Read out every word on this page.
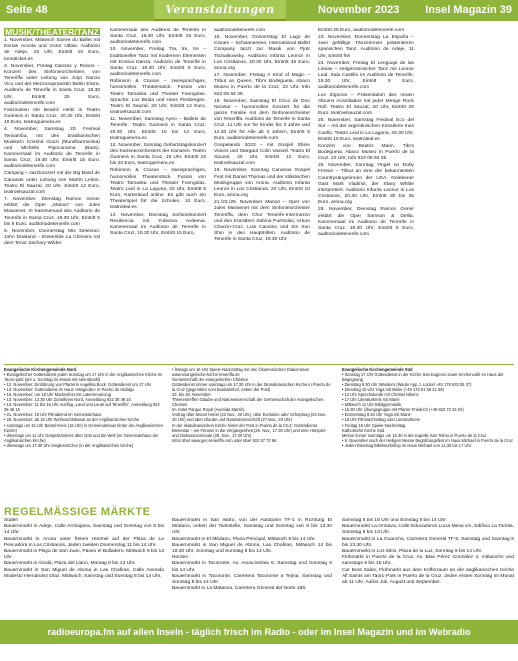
Seite 48	Veranstaltungen	November 2023 Insel Magazin 39
MUSIK/THEATER/TANZ
1. November, Mittwoch Soiree du Ballet mit Dorian Acosta und Victor Ullate. Auditorio de Adeje, 19 Uhr, Eintritt 10 Euro, tomaticket.es
3. November, Freitag Danzas y Reisos – Konzert des Sinfonieorchesters von Teneriffa unter Leitung von Jurjo Garcia Vico und der Mezzosopranistin Belén Elvira. Auditorio de Tenerife in Santa Cruz, 19.30 Uhr, Eintritt 25 Euro, auditoriodetenerife.com
Faszination mit Beatriz Heitz in Teatro Guimerá in Santa Cruz, 20.30 Uhr, Eintritt 19 Euro, teatroguimera.es
4. November, Samstag 20. Festival Tensamba, mit den brasilianischen Musikern Cristiná Gozzi (Mundharmonika) und Michelle Pipocanama (Bass). Kammersaal im Auditorio de Tenerife in Santa Cruz, 19.30 Uhr, Eintritt 15 Euro, auditoriodetenerife.com
Camping – Jazzkonzert mit der Big Band de Canarias unter Leitung von Martín Leiton. Teatro El Sauzal, 20 Uhr. Eintritt 12 Euro, teatroelsauzal.com
7. November, Dienstag Ramon Gener erklärt die Oper „Manon“ von Jules Massenet. In Kammersaal des Auditorio de Tenerife in Santa Cruz, 19.30 Uhr, Eintritt 5 bis 8 Euro, auditoriodetenerife.com
9. November, Donnerstag Mis Detectos: John Dowland – Ensemble La Chimera mit dem Tenor Zachary Wilder.
Kammersaal des Auditorio de Tenerife in Santa Cruz, 19.30 Uhr, Eintritt 15 Euro, auditoriodetenerife.com
10. November, Freitag Tra, tre, tre – traditioneller Tanz mit modernen Elementen mit Erotica Danza. Auditorio de Tenerife in Santa Cruz, 19.30 Uhr, Eintritt 8 Euro, auditoriodetenerife.com
Robinson & Crusoe – zweisprachiges, humorvolles Theaterstück. Fusion von Teatro Tamaska und Theater Fuengolas. Sprache: Los Beida und Hans Piesbergen. Teatro El Sauzal, 20 Uhr, Eintritt 12 Euro, teatroelsauzal.com
11. November, Samstag Ayeo – Ballets de Tenerife. Teatro Guimerá in Santa Cruz, 20.30 Uhr, Eintritt 10 bis 14 Euro, teatroguimera.es
12. November, Sonntag Geburtstagskonzert des Kammerorchesters der Kanaren. Teatro Guimerá in Santa Cruz, 19 Uhr, Eintritt 16 bis 20 Euro, teatroguimera.es
Robinson & Crusoe – zweisprachiges, humorvolles Theaterstück. Fusion von Teatro Tamaska und Theater Fuengolas. Teatro Leal in La Laguna, 20 Uhr, Eintritt 8 Euro, Kartenkauf online. Es gibt auch ein Theaterspiel für die Schulen, 10 Euro, teatroleal.es
14. November, Dienstag Sinfoniekonzert Resiliencia mit Yulianna Avdeeva. Kammersaal im Auditorio de Tenerife in Santa Cruz, 19.30 Uhr, Eintritt 15 Euro,
auditoriodetenerife.com
16. November, Donnerstag El Lago de Cisnes – Schwanensee, international Ballet Company tanzt zur Musik von Pjotr Tschaikowsky. Auditorio Infanta Leonor in Los Cristianos, 20.30 Uhr, Eintritt 45 Euro, arona.org
17. November, Freitag A Kind of Magic – Tribut an Queen. Tibi's Bodegueta, Abaco Museo in Puerto de la Cruz, 22 Uhr, Info 922 08 94 35.
18. November, Samstag El Circo de Don Nicanor – humorvolles Konzert für die ganze Familie mit dem Sinfonieorchester von Teneriffa. Auditorio de Tenerife in Santa Cruz, 11 Uhr nur für Kinder bis 3 Jahre und 12.30 Uhr für Alle ab 3 Jahren, Eintritt 5 Euro, auditoriodetenerife.com
Gospelando 2023 – mit Gospel Shine Voices und Stargaut Colin Vassell. Teatro El Sauzal, 20 Uhr, Eintritt 12 Euro, teatroelsauzal.com
19. November, Sonntag Canarias Gospel Fest mit Daniel Thomas und der stilistischen Musikgruppe von Arona. Auditorio Infanta Leonor in Los Cristianos, 20 Uhr, Eintritt 10 Euro, arona.org
21./23./25. November Manon – Oper von Jules Massenet mit dem Sinfonieorchester Teneriffa, dem Chor Tenerife-Intermezzo und den Künstlern Sabina Puértolas, Arturo Chacón-Cruz, Luis Cansino und Sin Sun Shin in den Hauptrollen. Auditorio de Tenerife in Santa Cruz, 19.30 Uhr,
Eintritt 25 Euro, auditoriodetenerife.com
23. November, Donnerstag La España – zwei gefällige Tänzerinnen präsentieren spanischen Tanz. Auditorio de Adeje, 11 Uhr, Eintritt frei
24. November, Freitag El Lenguaje de las Lineas – zeitgenössischer Tanz mit Leonor Leal. Sala Castillo im Auditorio de Tenerife, 19.30 Uhr, Eintritt 8 Euro, auditoriodetenerife.com
Los Zigonos – Präsentation des neuen Albums Acantilados mit jeder Menge Rock Roll. Teatro El Sauzal, 20 Uhr, Eintritt 25 Euro, teatroelsauzal.com
25. November, Samstag Festival Eco del Sur – mit der argentinischen Künstlerin Ines Cuello. Teatro Leal in La Laguna, 20.30 Uhr, Eintritt 15 Euro, teatroleal.es
Konzert von Beatriz Marin. Tibi's Bodegueta, Abaco Museo in Puerto de la Cruz, 22 Uhr, Info 922 08 94 35.
26. November, Sonntag Yingel no Doby Fenton – Tribut an eine der bekanntesten Countrysängerinnen der USA. Gelebener Gast Mark Vladimir, der Stacy Whitte interpretiert. Auditorio Infanta Leonor in Los Cristianos, 20.30 Uhr, Eintritt 30 bis 35 Euro, arona.org
28. November, Dienstag Ramon Gener erklärt die Oper Samson & Delila. Kammersaal im Auditorio de Tenerife in Santa Cruz, 19.30 Uhr, Eintritt 8 Euro, auditoriodetenerife.com
Evangelische Kirchengemeinde Nord
• Evangelischer Gottesdienst jeden Sonntag um 17 Uhr in der Anglikanischen Kirche im Taoro-park (am 1. Sonntag im Monat mit Abendmahl)
• 12. November: Einführung von Pfarrerin Angelika Bock, Gottesdienst um 17 Uhr
• 13. November: Gottesdienst im Haus «Magnolie» in Puerto de Hidalgo
• 16. November: um 18 Uhr Martinsfest mit Laternenumzug
• 13. November: 13.30 Uhr Zuhörkreis Nord, Anmeldung 922 38 48 15
• 13. November: 11 bis 16 Uhr Ausflug „Land und Leute auf Teneriffa“, Anmeldung 922 38 48 15
• 21. November: 19 Uhr Filmabend im Gemeindehaus
• 25. November: ab 15 Uhr Weihnachtsbasar an der Anglikanischen Kirche
• sonntags um 15 Uhr Bastel-Kreis (15 Uhr) in Gemeindehaus hinter der Anglikanischen Kirche)
• dienstags um 11 Uhr Gesprächskreis über Gott und die Welt (im Gemeindehaus der Anglikanischen Kirche)
• dienstags um 17.30 Uhr Singkreis/Chor (in der Anglikanischen Kirche)
• freitags um 16 Uhr Spiele-Nachmittag mit den Ökumenischen Diakonissen
www.evangelische-kirche-teneriffa.de
Gemeinschaft der evangelischen Christen
Gottesdienst immer sonntags um 17.30 Uhr in der Skandinavischen Kirche in Puerto de la Cruz (gegenüber vom Busbahnhof, neben der Post)
23. bis 28. November
Thementreffen Glaube und Naturwissenschaft der Gemeinschaft der evangelischen Christen
Im Hotel Parque Royal (Avenida Martín)
Vortrag über Mount Hebel (23 Nov., 20 Uhr), über Evolution oder Schöpfung (24.Nov., 20 Uhr) und über Glaube und Naturwissenschaft (27.Nov., 20 Uhr)
In der skandinavischen Kirche hinter der Post in Puerto de la Cruz: Gottesdienst Bienestar – ein Fenster in die Vergangenheit (26. Nov., 17.30 Uhr) und eine Hörspiel- und Diskussionsrunde (28. Nov., 17.30 Uhr)
Infos über www.gec-teneriffa.com oder über 922 57 72 96.
Evangelische Kirchengemeinde Süd
• Sonntag 17 Uhr Gottesdienst in der Kirche San Eugenio sowie Kirchencafé im Haus der Begegnung
• Dienstag 9.30 Uhr Wandern (Wiedo App J. Lückel +49 178 933 05 37)
• Dienstag 10 Uhr Yoga mit Marie (+49 176 61 06 21 69)
• 12 Uhr Sprechstunde mit Christel Nikens
• 17 Uhr Literaturkreis mit Marie
• Mittwoch 11 Uhr Bibligymnastik
• 16.30 Uhr Übungsgruppe mit Pfarrer Friedrich (+49 922 72 34 04)
• Donnerstag 9.30 Uhr Yoga mit Marie
• 18 Uhr Filmnachmittag oder Literaturkreis
• Freitag 15 Uhr Spiele-Nachmittag
Katholische Kirche Süd
Messe immer sonntags um 18.30 in der Kapelle San Telmo in Puerto de la Cruz
• 5. November nach der Heiligen Messe Begrüßungsfest im Haus Michael in Puerto de la Cruz
• Jeden Dienstag Bibelworkshop im Haus Michael von 14.30 bis 17 Uhr
REGELMÄSSIGE MÄRKTE
Süden
Bauernmarkt in Adeje, Calle Archajarra, Samstag und Sonntag von 8 bis 14 Uhr.
Bauernmarkt in Arona unter freiem Himmel auf der Plaza de La Pescadora in Los Cristianos, Jeden zweiten Donnerstag 11 bis 14 Uhr.
Bauernmarkt in Playa de San Juan, Paseo el Bulladero, Mittwoch 9 bis 13 Uhr.
Bauernmarkt in Alcalá, Plaza del Llano, Montag 8 bis 13 Uhr.
Bauernmarkt in San Miguel de Abona in Las Chafiras, Calle Avenida Modesto Hernández Díaz. Mittwoch, Samstag und Sonntag 8 bis 14 Uhr.
Bauernmarkt in San Isidro, von der Autobahn TF-1 in Richtung El Médano, neben der Tankstelle, Samstag und Sonntag von 8 bis 13.30 Uhr.
Bauernmarkt in El Médano, Plaza Principal, Mittwoch 9 bis 14 Uhr.
Bauernmarkt in San Miguel de Abona, Las Chafiras, Mittwoch 14 bis 19.30 Uhr, Sonntag und Sonntag 8 bis 14 Uhr.
Norden
Bauernmarkt in Tacoronte, Av. Asuncionitas 6, Samstag und Sonntag 8 bis 14 Uhr.
Bauernmarkt in Tacoronte, Carretera Tacoronte a Tejina, Samstag und Sonntag 8 bis 14 Uhr.
Bauernmarkt in La Matanza, Carretera General del Norte 189,
Samstag 8 bis 15 Uhr und Sonntag 8 bis 14 Uhr.
Bauernmarkt La Orotava, Calle Educadoros Lucia Mesa s/n, Edificio La Tomita, Samstag 9 bis 13 Uhr.
Bauernmarkt in La Guancha, Carretera General TF-5, Samstag und Sonntag 8 bis 13.30 Uhr.
Bauernmarkt in Los Silos, Plaza de la Luz, Sonntag 9 bis 14 Uhr.
Flohmarkt in Puerto de la Cruz, Av. Blas Pérez González 4, mittwochs und samstags 9 bis 15 Uhr.
Car Boot Sales, Flohmarkt aus dem Kofferraum an der anglikanischen Kirche All Saints am Taoro Park in Puerto de la Cruz. Jeden ersten Sonntag im Monat ab 11 Uhr. Außer Juli, August und September.
radioeuropa.fm auf allen Inseln - täglich frisch im Radio - oder im Insel Magazin und im Webradio
